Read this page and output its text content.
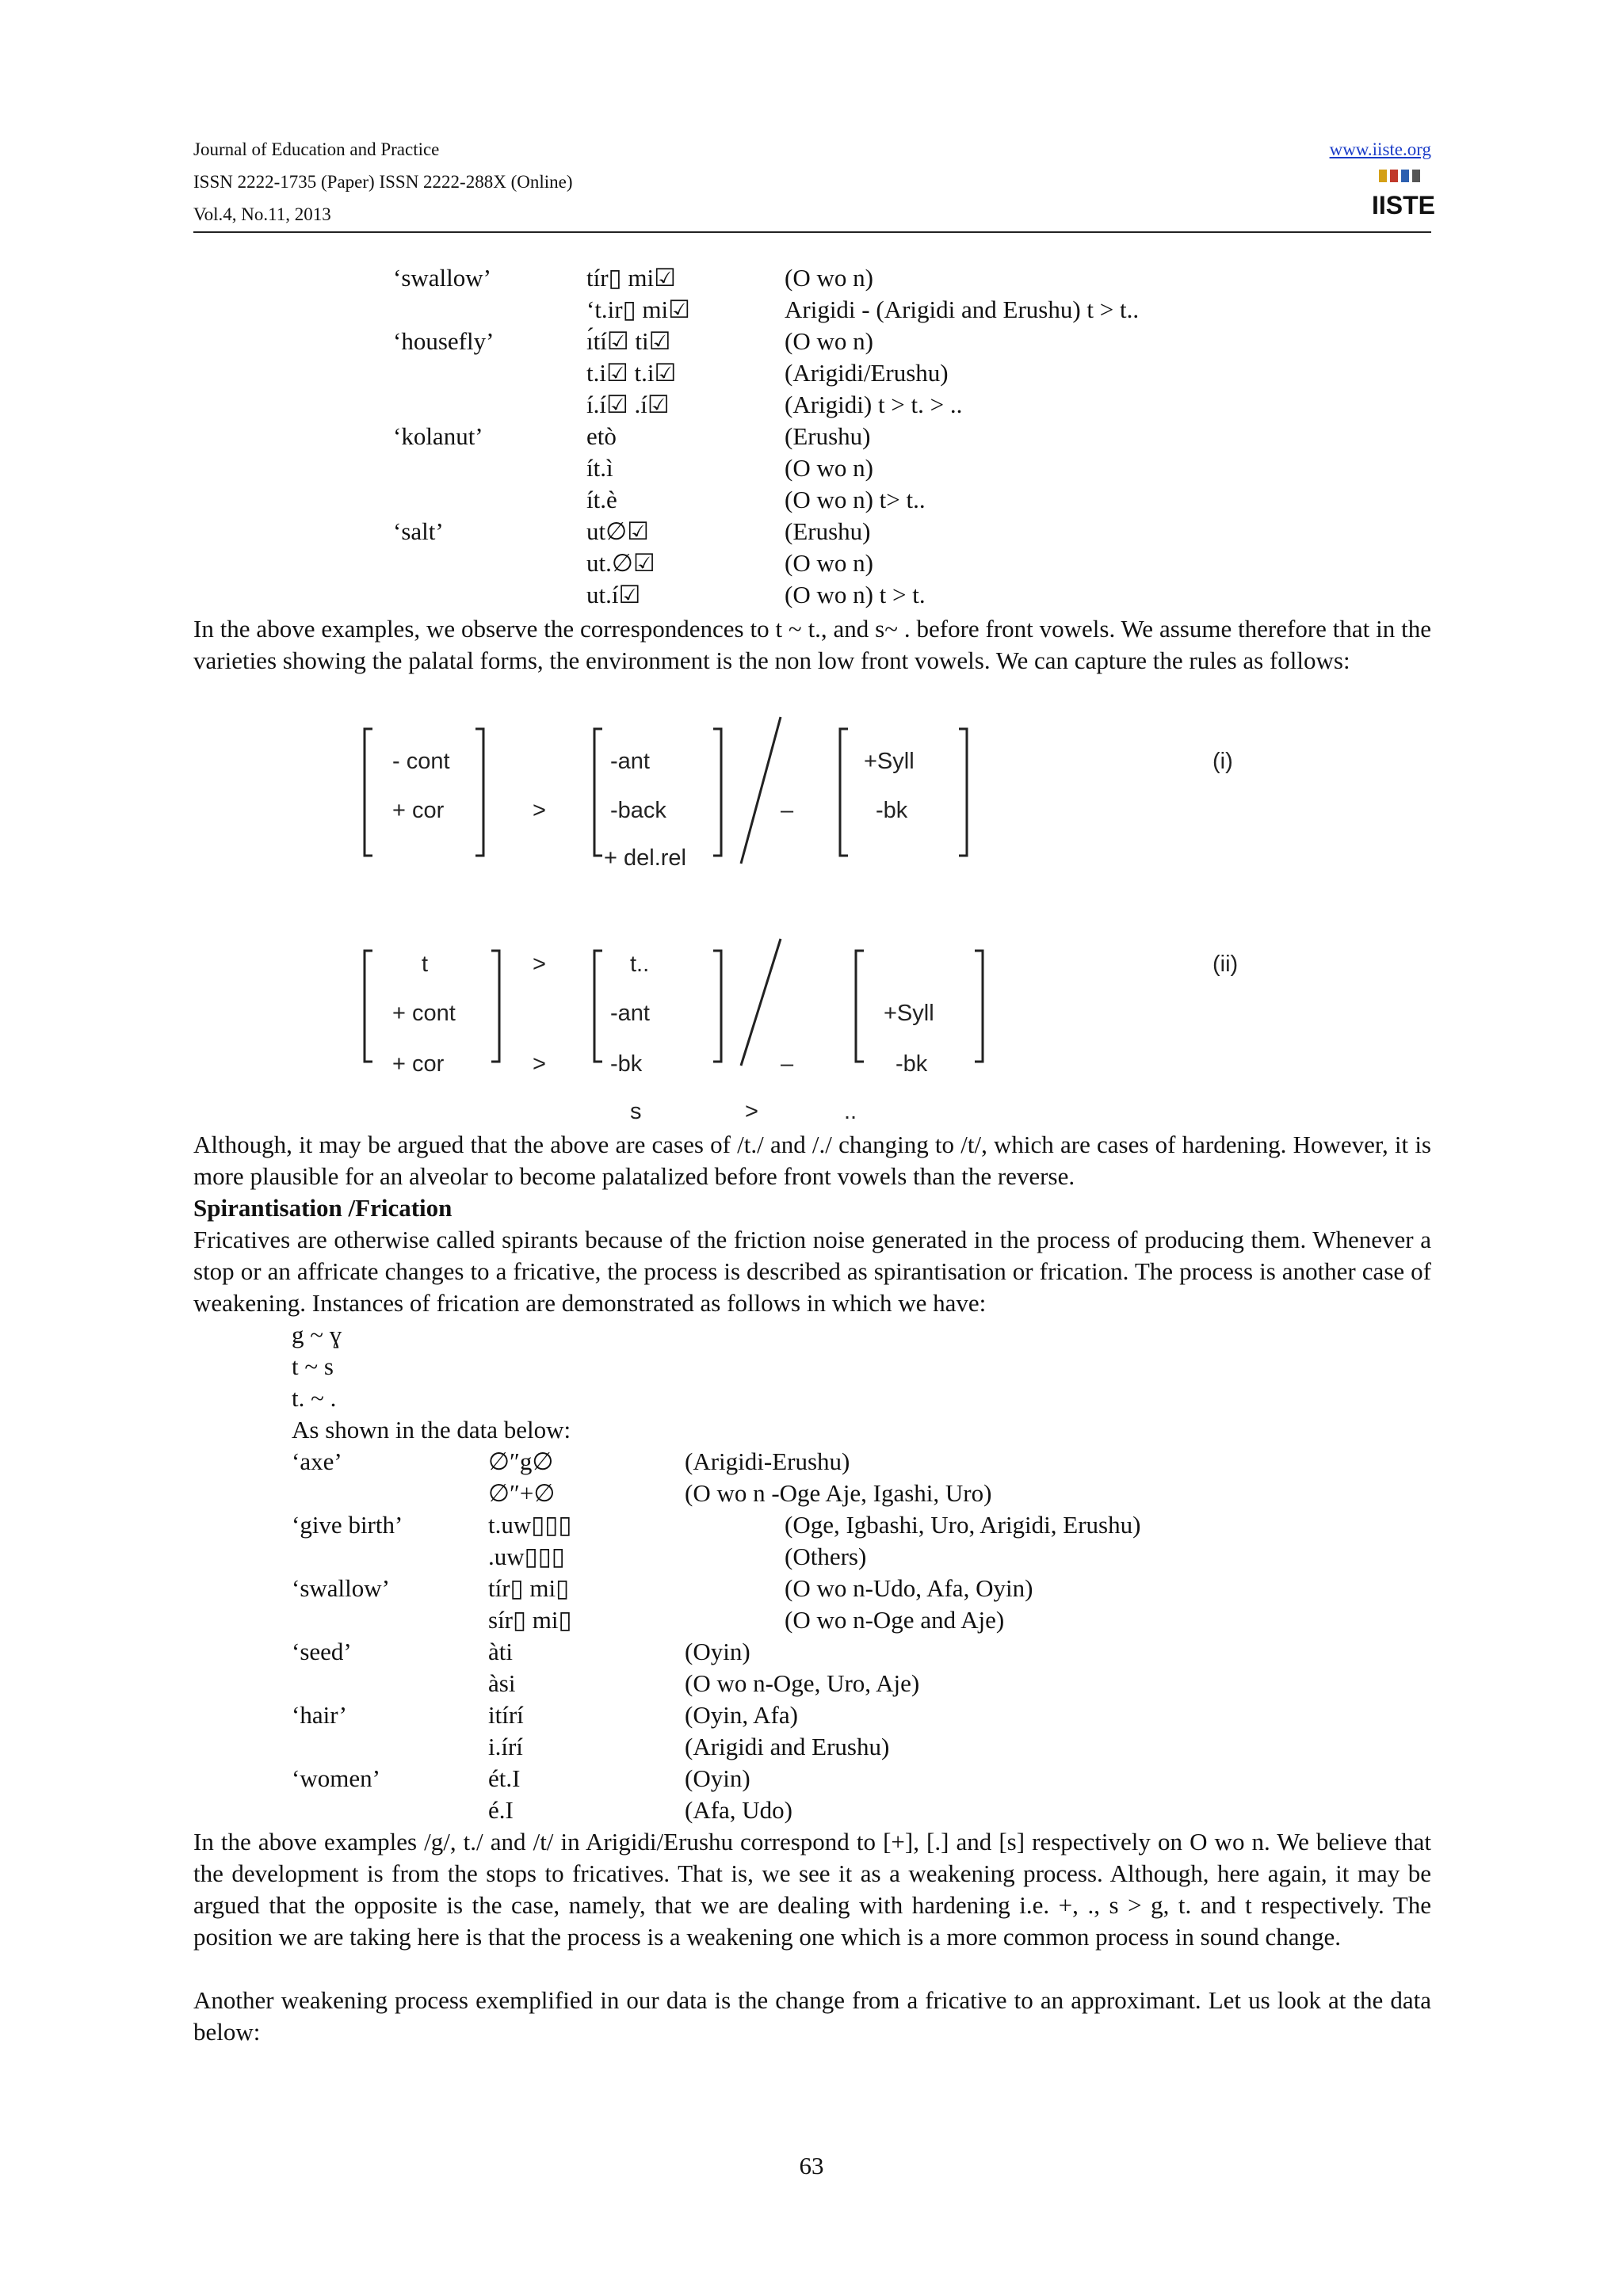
Journal of Education and Practice
ISSN 2222-1735 (Paper) ISSN 2222-288X (Online)
Vol.4, No.11, 2013
www.iiste.org
IISTE
‘swallow’	tír▯ mi☑	(O wo n)
‘t.ir▯ mi☑	Arigidi - (Arigidi and Erushu) t > t..
‘housefly’	ı́tí☑ ti☑	(O wo n)
t.i☑ t.i☑	(Arigidi/Erushu)
í.í☑ .í☑	(Arigidi) t > t. > ..
‘kolanut’	etò	(Erushu)
ít.ì	(O wo n)
ít.è	(O wo n) t> t..
‘salt’	ut∅☑	(Erushu)
ut.∅☑	(O wo n)
ut.í☑	(O wo n) t > t.
In the above examples, we observe the correspondences to t ~ t., and s~ . before front vowels. We assume therefore that in the varieties showing the palatal forms, the environment is the non low front vowels. We can capture the rules as follows:
- cont
+ cor	>
-ant
-back
+ del.rel
–
+Syll
-bk
(i)
t
+ cont
+ cor
>
>
t..
-ant
-bk	–
+Syll
-bk
(ii)
s	>	..
Although, it may be argued that the above are cases of /t./ and /./ changing to /t/, which are cases of hardening. However, it is more plausible for an alveolar to become palatalized before front vowels than the reverse.
Spirantisation /Frication
Fricatives are otherwise called spirants because of the friction noise generated in the process of producing them. Whenever a stop or an affricate changes to a fricative, the process is described as spirantisation or frication. The process is another case of weakening. Instances of frication are demonstrated as follows in which we have:
g ~ ɣ
t ~ s
t. ~ .
As shown in the data below:
‘axe’	∅″g∅	(Arigidi-Erushu)
∅″+∅	(O wo n -Oge Aje, Igashi, Uro)
‘give birth’	t.uw▯▯▯	(Oge, Igbashi, Uro, Arigidi, Erushu)
.uw▯▯▯	(Others)
‘swallow’	tír▯ mi▯	(O wo n-Udo, Afa, Oyin)
sír▯ mi▯	(O wo n-Oge and Aje)
‘seed’	àti	(Oyin)
àsi	(O wo n-Oge, Uro, Aje)
‘hair’	itírí	(Oyin, Afa)
i.írí	(Arigidi and Erushu)
‘women’	ét.I	(Oyin)
é.I	(Afa, Udo)
In the above examples /g/, t./ and /t/ in Arigidi/Erushu correspond to [+], [.] and [s] respectively on O wo n. We believe that the development is from the stops to fricatives. That is, we see it as a weakening process. Although, here again, it may be argued that the opposite is the case, namely, that we are dealing with hardening i.e. +, ., s > g, t. and t respectively. The position we are taking here is that the process is a weakening one which is a more common process in sound change.
Another weakening process exemplified in our data is the change from a fricative to an approximant. Let us look at the data below:
63
